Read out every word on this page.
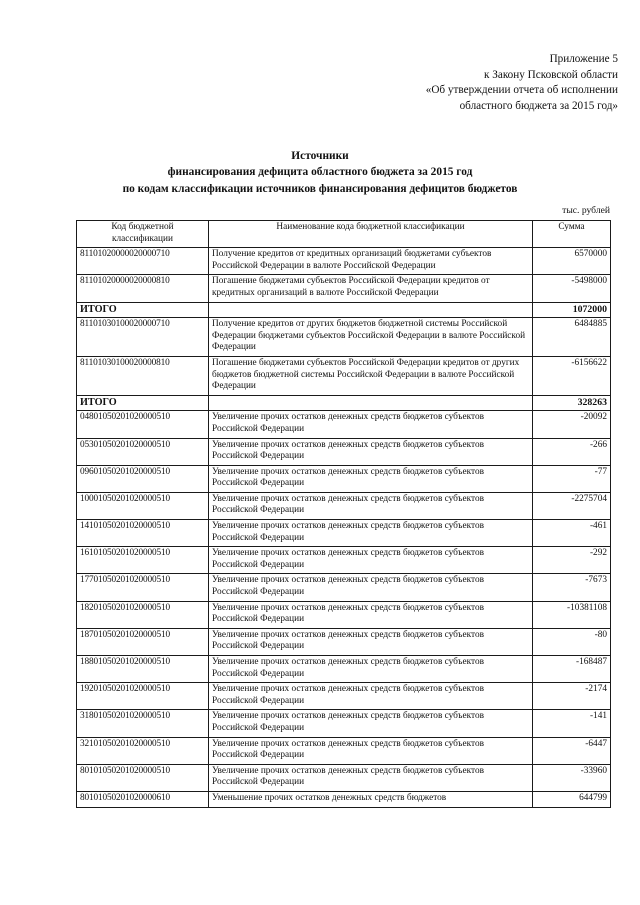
Приложение 5
к Закону Псковской области
«Об утверждении отчета об исполнении
областного бюджета за 2015 год»
Источники
финансирования дефицита областного бюджета за 2015 год
по кодам классификации источников финансирования дефицитов бюджетов
тыс. рублей
Код бюджетной
классификации	Наименование кода бюджетной классификации	Сумма
81101020000020000710	Получение кредитов от кредитных организаций бюджетами субъектов Российской Федерации в валюте Российской Федерации	6570000
81101020000020000810	Погашение бюджетами субъектов Российской Федерации кредитов от кредитных организаций в валюте Российской Федерации	-5498000
ИТОГО		1072000
81101030100020000710	Получение кредитов от других бюджетов бюджетной системы Российской Федерации бюджетами субъектов Российской Федерации в валюте Российской Федерации	6484885
81101030100020000810	Погашение бюджетами субъектов Российской Федерации кредитов от других бюджетов бюджетной системы Российской Федерации в валюте Российской Федерации	-6156622
ИТОГО		328263
04801050201020000510	Увеличение прочих остатков денежных средств бюджетов субъектов Российской Федерации	-20092
05301050201020000510	Увеличение прочих остатков денежных средств бюджетов субъектов Российской Федерации	-266
09601050201020000510	Увеличение прочих остатков денежных средств бюджетов субъектов Российской Федерации	-77
10001050201020000510	Увеличение прочих остатков денежных средств бюджетов субъектов Российской Федерации	-2275704
14101050201020000510	Увеличение прочих остатков денежных средств бюджетов субъектов Российской Федерации	-461
16101050201020000510	Увеличение прочих остатков денежных средств бюджетов субъектов Российской Федерации	-292
17701050201020000510	Увеличение прочих остатков денежных средств бюджетов субъектов Российской Федерации	-7673
18201050201020000510	Увеличение прочих остатков денежных средств бюджетов субъектов Российской Федерации	-10381108
18701050201020000510	Увеличение прочих остатков денежных средств бюджетов субъектов Российской Федерации	-80
18801050201020000510	Увеличение прочих остатков денежных средств бюджетов субъектов Российской Федерации	-168487
19201050201020000510	Увеличение прочих остатков денежных средств бюджетов субъектов Российской Федерации	-2174
31801050201020000510	Увеличение прочих остатков денежных средств бюджетов субъектов Российской Федерации	-141
32101050201020000510	Увеличение прочих остатков денежных средств бюджетов субъектов Российской Федерации	-6447
80101050201020000510	Увеличение прочих остатков денежных средств бюджетов субъектов Российской Федерации	-33960
80101050201020000610	Уменьшение прочих остатков денежных средств бюджетов	644799
